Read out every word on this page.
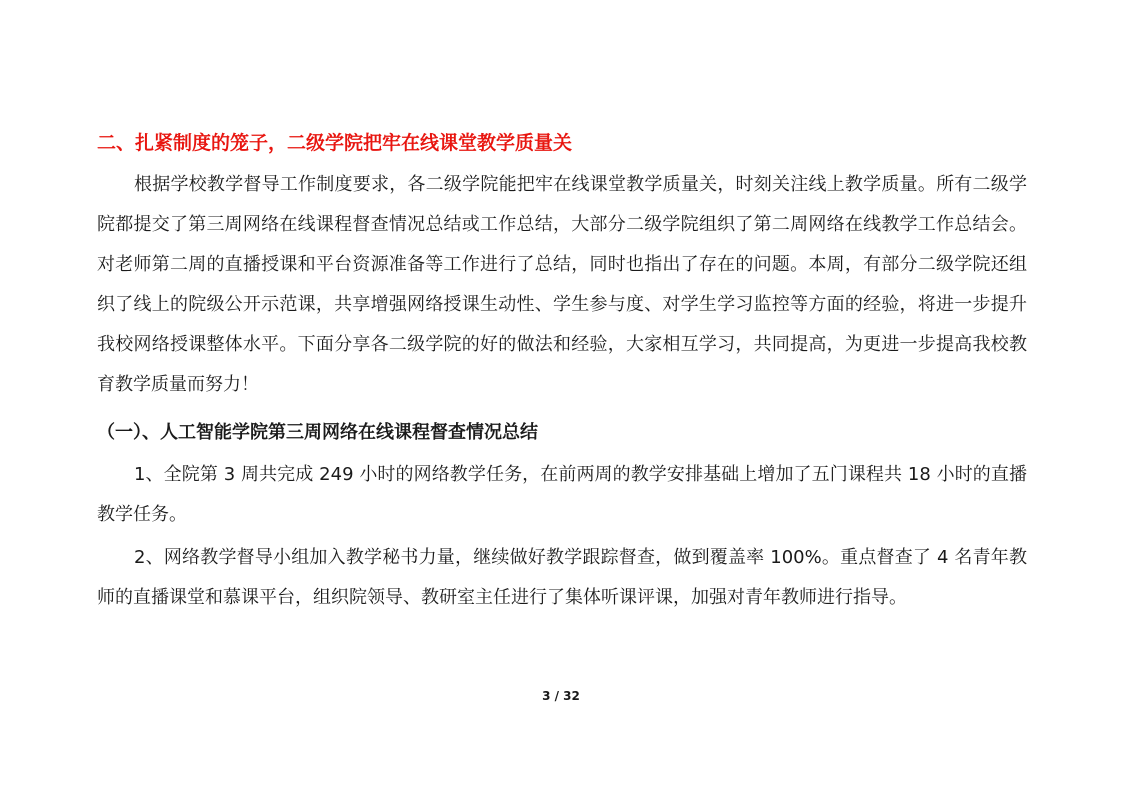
二、扎紧制度的笼子，二级学院把牢在线课堂教学质量关
根据学校教学督导工作制度要求，各二级学院能把牢在线课堂教学质量关，时刻关注线上教学质量。所有二级学院都提交了第三周网络在线课程督查情况总结或工作总结，大部分二级学院组织了第二周网络在线教学工作总结会。对老师第二周的直播授课和平台资源准备等工作进行了总结，同时也指出了存在的问题。本周，有部分二级学院还组织了线上的院级公开示范课，共享增强网络授课生动性、学生参与度、对学生学习监控等方面的经验，将进一步提升我校网络授课整体水平。下面分享各二级学院的好的做法和经验，大家相互学习，共同提高，为更进一步提高我校教育教学质量而努力！
（一）、人工智能学院第三周网络在线课程督查情况总结
1、全院第 3 周共完成 249 小时的网络教学任务，在前两周的教学安排基础上增加了五门课程共 18 小时的直播教学任务。
2、网络教学督导小组加入教学秘书力量，继续做好教学跟踪督查，做到覆盖率 100%。重点督查了 4 名青年教师的直播课堂和慕课平台，组织院领导、教研室主任进行了集体听课评课，加强对青年教师进行指导。
3 / 32
